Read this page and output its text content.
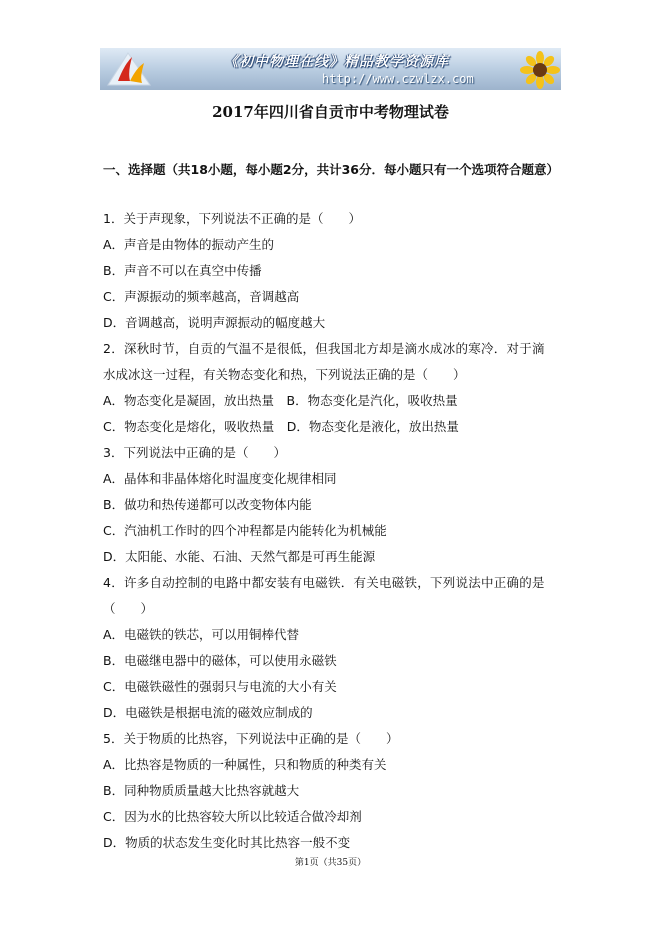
《初中物理在线》精品教学资源库
http://www.czwlzx.com
2017年四川省自贡市中考物理试卷
一、选择题（共18小题，每小题2分，共计36分．每小题只有一个选项符合题意）
1．关于声现象，下列说法不正确的是（　　）
A．声音是由物体的振动产生的
B．声音不可以在真空中传播
C．声源振动的频率越高，音调越高
D．音调越高，说明声源振动的幅度越大
2．深秋时节，自贡的气温不是很低，但我国北方却是滴水成冰的寒冷．对于滴
水成冰这一过程，有关物态变化和热，下列说法正确的是（　　）
A．物态变化是凝固，放出热量　B．物态变化是汽化，吸收热量
C．物态变化是熔化，吸收热量　D．物态变化是液化，放出热量
3．下列说法中正确的是（　　）
A．晶体和非晶体熔化时温度变化规律相同
B．做功和热传递都可以改变物体内能
C．汽油机工作时的四个冲程都是内能转化为机械能
D．太阳能、水能、石油、天然气都是可再生能源
4．许多自动控制的电路中都安装有电磁铁．有关电磁铁，下列说法中正确的是
（　　）
A．电磁铁的铁芯，可以用铜棒代替
B．电磁继电器中的磁体，可以使用永磁铁
C．电磁铁磁性的强弱只与电流的大小有关
D．电磁铁是根据电流的磁效应制成的
5．关于物质的比热容，下列说法中正确的是（　　）
A．比热容是物质的一种属性，只和物质的种类有关
B．同种物质质量越大比热容就越大
C．因为水的比热容较大所以比较适合做冷却剂
D．物质的状态发生变化时其比热容一般不变
第1页（共35页）
